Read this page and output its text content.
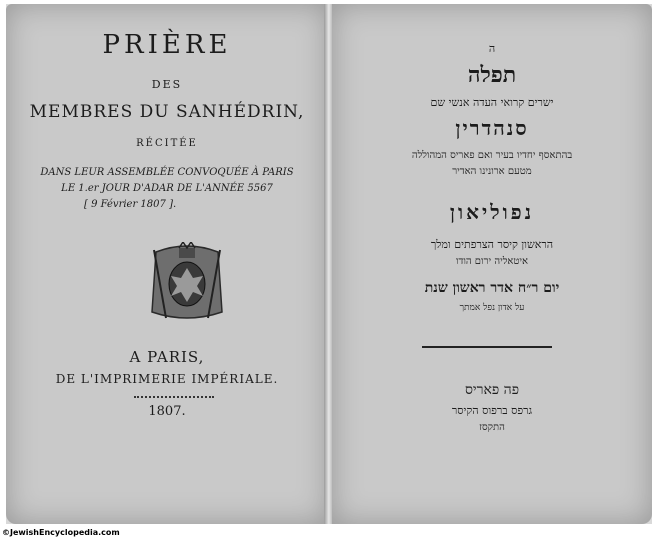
PRIÈRE
DES
MEMBRES DU SANHÉDRIN,
RÉCITÉE
DANS LEUR ASSEMBLÉE CONVOQUÉE À PARIS
LE 1.er JOUR D'ADAR DE L'ANNÉE 5567
[ 9 Février 1807 ].
A PARIS,
DE L'IMPRIMERIE IMPÉRIALE.
1807.
ה
תפלה
ישרים קרואי העדה אנשי שם
סנהדרין
בהתאסף יחדיו בעיר ואם פאריס המהוללה
מטעם ארונינו האדיר
נפוליאון
הראשון קיסר הצרפתים ומלך
איטאליה ירום הודו
יום ר״ח אדר ראשון שנת
על אדון נפל אמתך
פה פאריס
גרפס ברפוס הקיסר
התקסז
©JewishEncyclopedia.com
